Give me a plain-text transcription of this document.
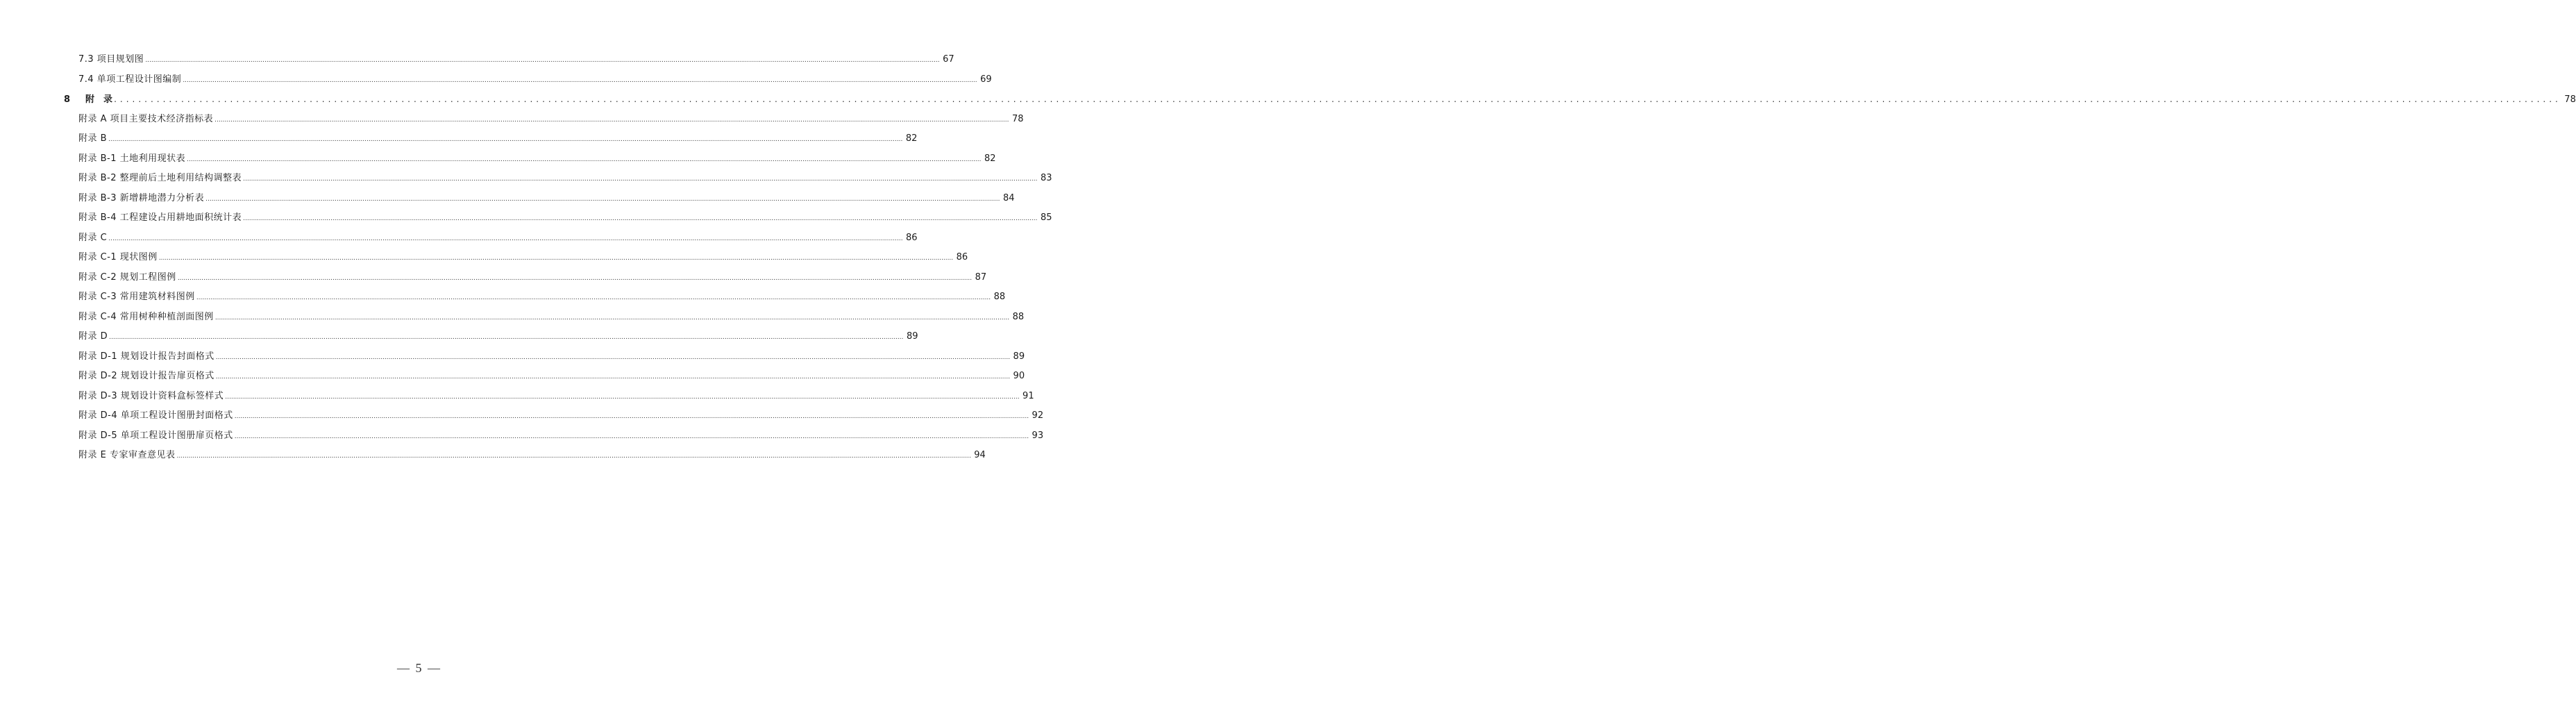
7.3 项目规划图 ................................................................................................................................................................................................................................................................................................................................................................................................................ 67
7.4 单项工程设计图编制 ................................................................................................................................................................................................................................................................................................................................................................................................................ 69
8 附　录 ................................................................................................................................................................................................................................................................................................................................................................................................................ 78
附录 A 项目主要技术经济指标表 ................................................................................................................................................................................................................................................................................................................................................................................................................ 78
附录 B ................................................................................................................................................................................................................................................................................................................................................................................................................ 82
附录 B-1 土地利用现状表 ................................................................................................................................................................................................................................................................................................................................................................................................................ 82
附录 B-2 整理前后土地利用结构调整表 ................................................................................................................................................................................................................................................................................................................................................................................................................ 83
附录 B-3 新增耕地潜力分析表 ................................................................................................................................................................................................................................................................................................................................................................................................................ 84
附录 B-4 工程建设占用耕地面积统计表 ................................................................................................................................................................................................................................................................................................................................................................................................................ 85
附录 C ................................................................................................................................................................................................................................................................................................................................................................................................................ 86
附录 C-1 现状图例 ................................................................................................................................................................................................................................................................................................................................................................................................................ 86
附录 C-2 规划工程图例 ................................................................................................................................................................................................................................................................................................................................................................................................................ 87
附录 C-3 常用建筑材料图例 ................................................................................................................................................................................................................................................................................................................................................................................................................ 88
附录 C-4 常用树种种植剖面图例 ................................................................................................................................................................................................................................................................................................................................................................................................................ 88
附录 D ................................................................................................................................................................................................................................................................................................................................................................................................................ 89
附录 D-1 规划设计报告封面格式 ................................................................................................................................................................................................................................................................................................................................................................................................................ 89
附录 D-2 规划设计报告扉页格式 ................................................................................................................................................................................................................................................................................................................................................................................................................ 90
附录 D-3 规划设计资料盒标签样式 ................................................................................................................................................................................................................................................................................................................................................................................................................ 91
附录 D-4 单项工程设计图册封面格式 ................................................................................................................................................................................................................................................................................................................................................................................................................ 92
附录 D-5 单项工程设计图册扉页格式 ................................................................................................................................................................................................................................................................................................................................................................................................................ 93
附录 E 专家审查意见表 ................................................................................................................................................................................................................................................................................................................................................................................................................ 94
— 5 —
